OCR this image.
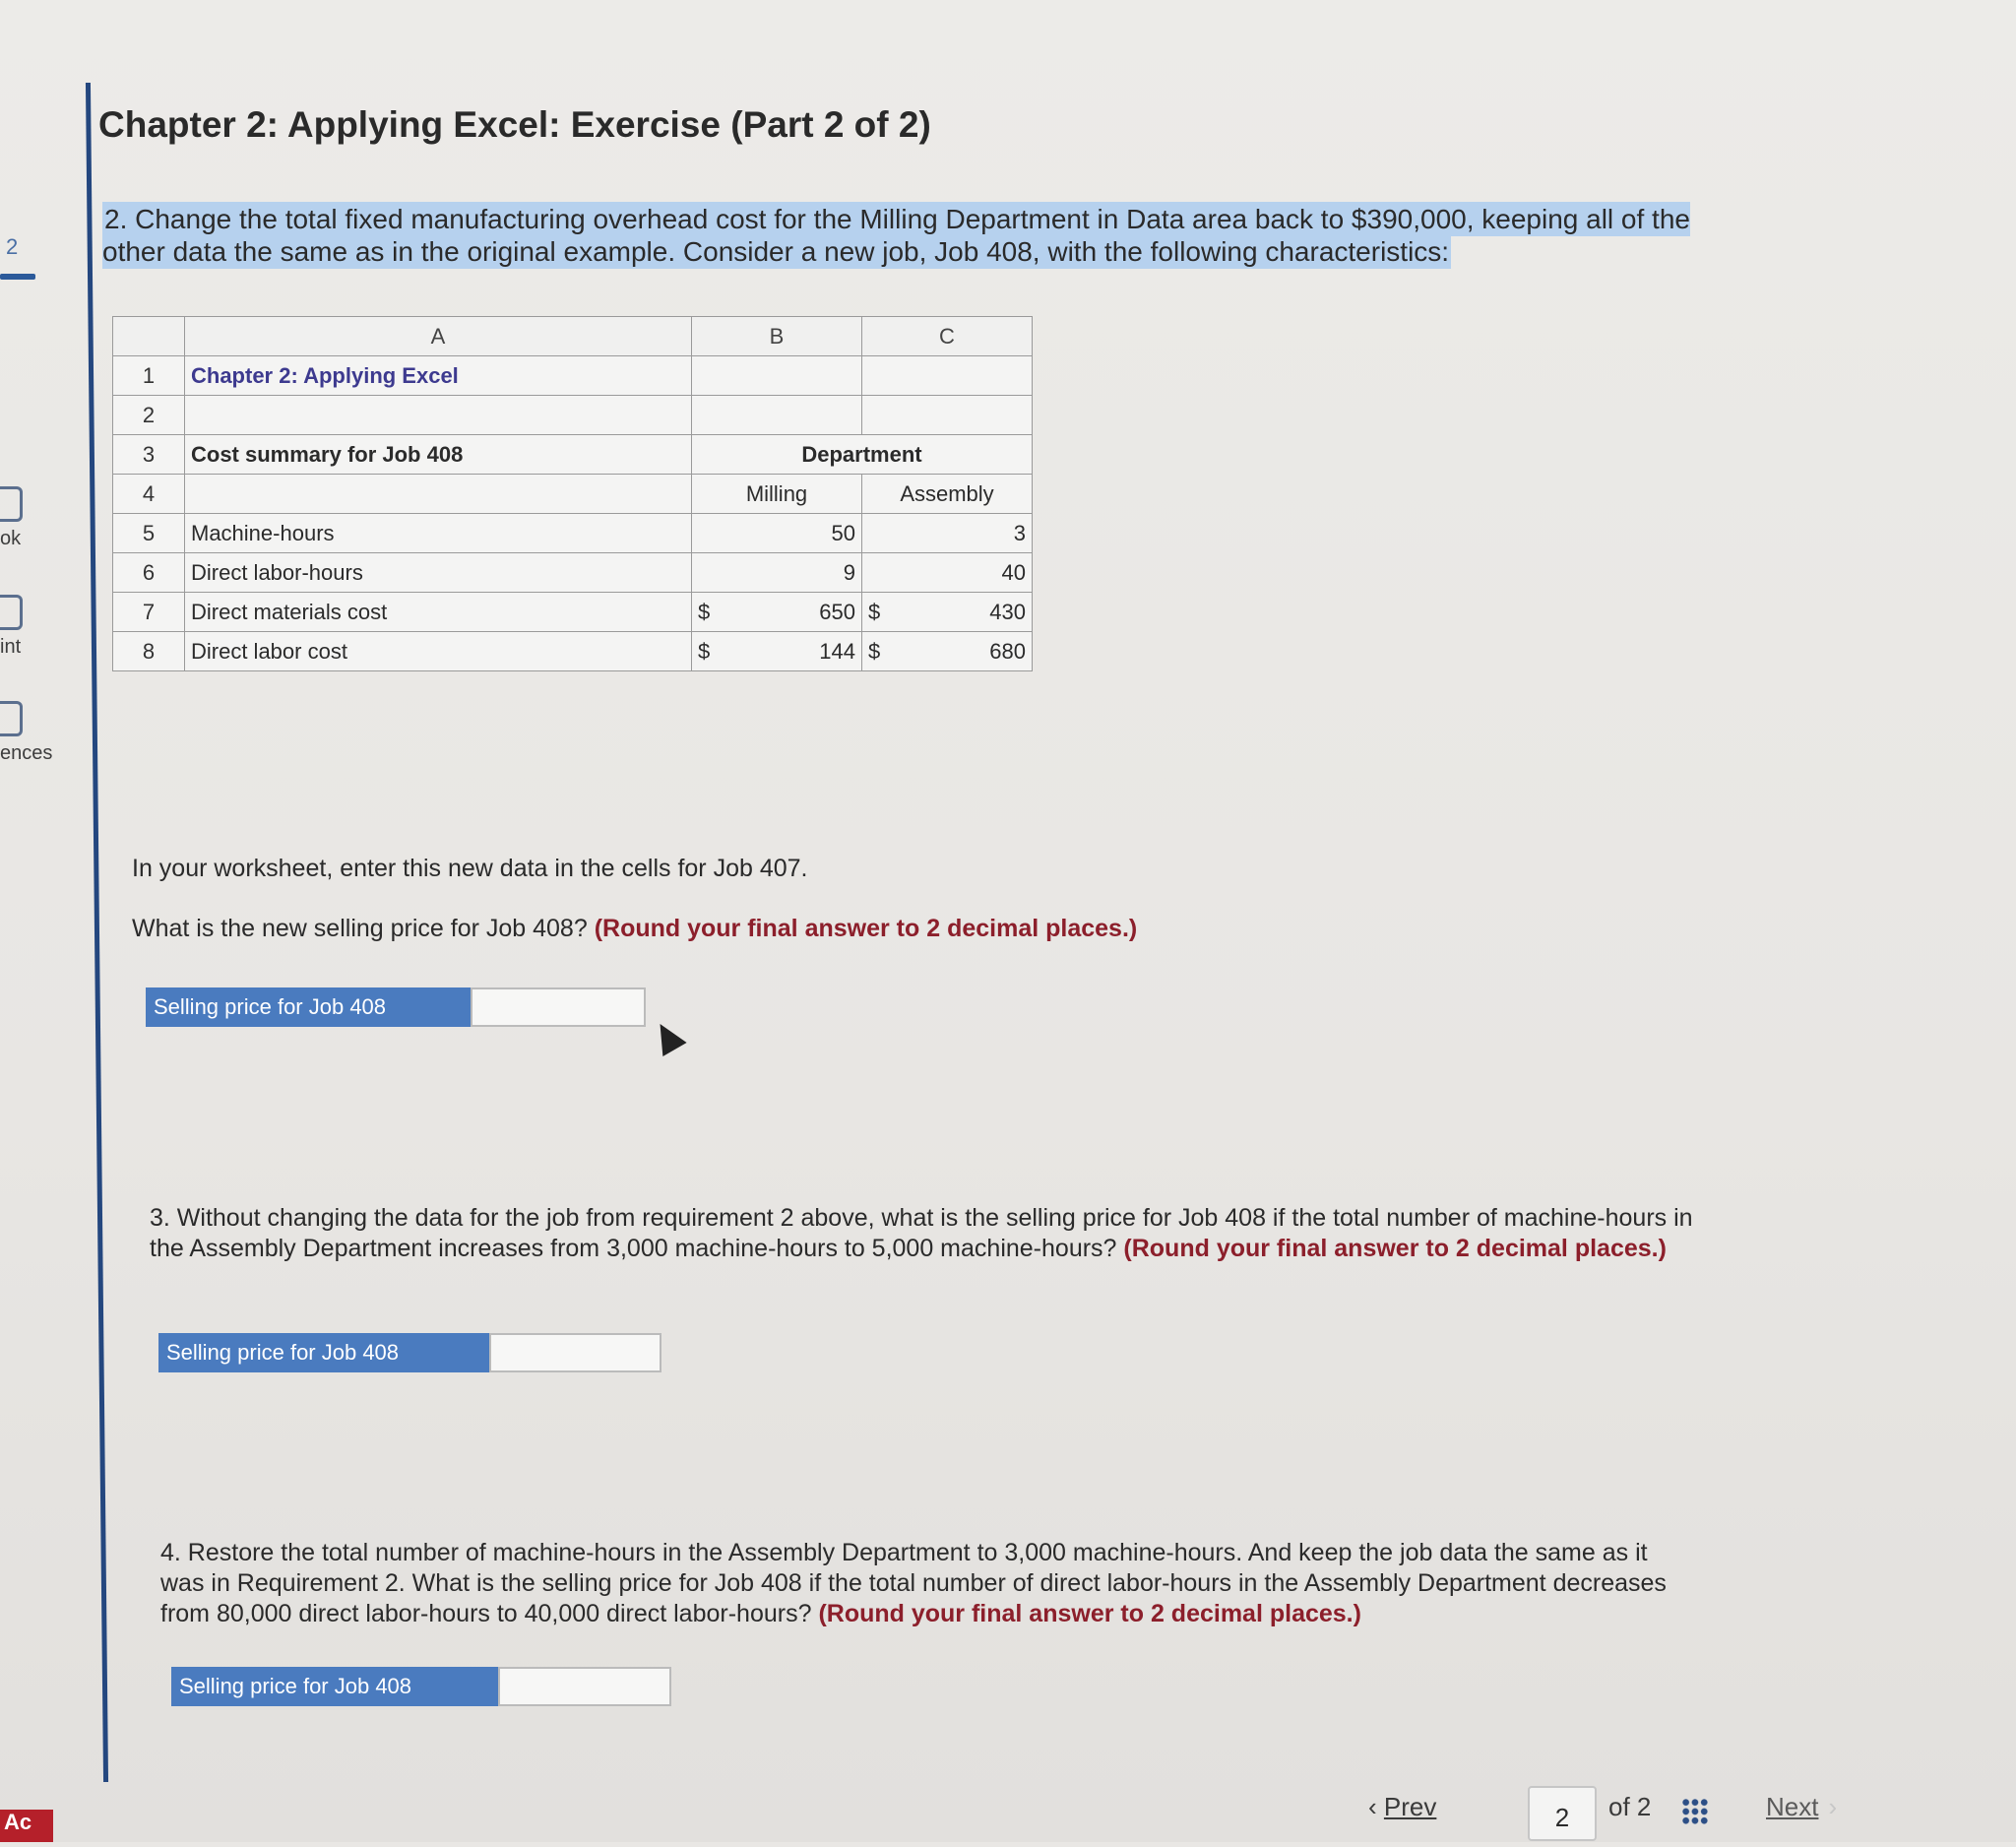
2
ok
int
ences
Ac
Chapter 2: Applying Excel: Exercise (Part 2 of 2)
2. Change the total fixed manufacturing overhead cost for the Milling Department in Data area back to $390,000, keeping all of the other data the same as in the original example. Consider a new job, Job 408, with the following characteristics:
	A	B	C
1	Chapter 2: Applying Excel		
2			
3	Cost summary for Job 408	Department	
4		Milling	Assembly
5	Machine-hours	50	3
6	Direct labor-hours	9	40
7	Direct materials cost	$ 650	$ 430
8	Direct labor cost	$ 144	$ 680
In your worksheet, enter this new data in the cells for Job 407.
What is the new selling price for Job 408? (Round your final answer to 2 decimal places.)
Selling price for Job 408
3. Without changing the data for the job from requirement 2 above, what is the selling price for Job 408 if the total number of machine-hours in the Assembly Department increases from 3,000 machine-hours to 5,000 machine-hours? (Round your final answer to 2 decimal places.)
Selling price for Job 408
4. Restore the total number of machine-hours in the Assembly Department to 3,000 machine-hours. And keep the job data the same as it was in Requirement 2. What is the selling price for Job 408 if the total number of direct labor-hours in the Assembly Department decreases from 80,000 direct labor-hours to 40,000 direct labor-hours? (Round your final answer to 2 decimal places.)
Selling price for Job 408
‹ Prev	2	of 2	Next ›
